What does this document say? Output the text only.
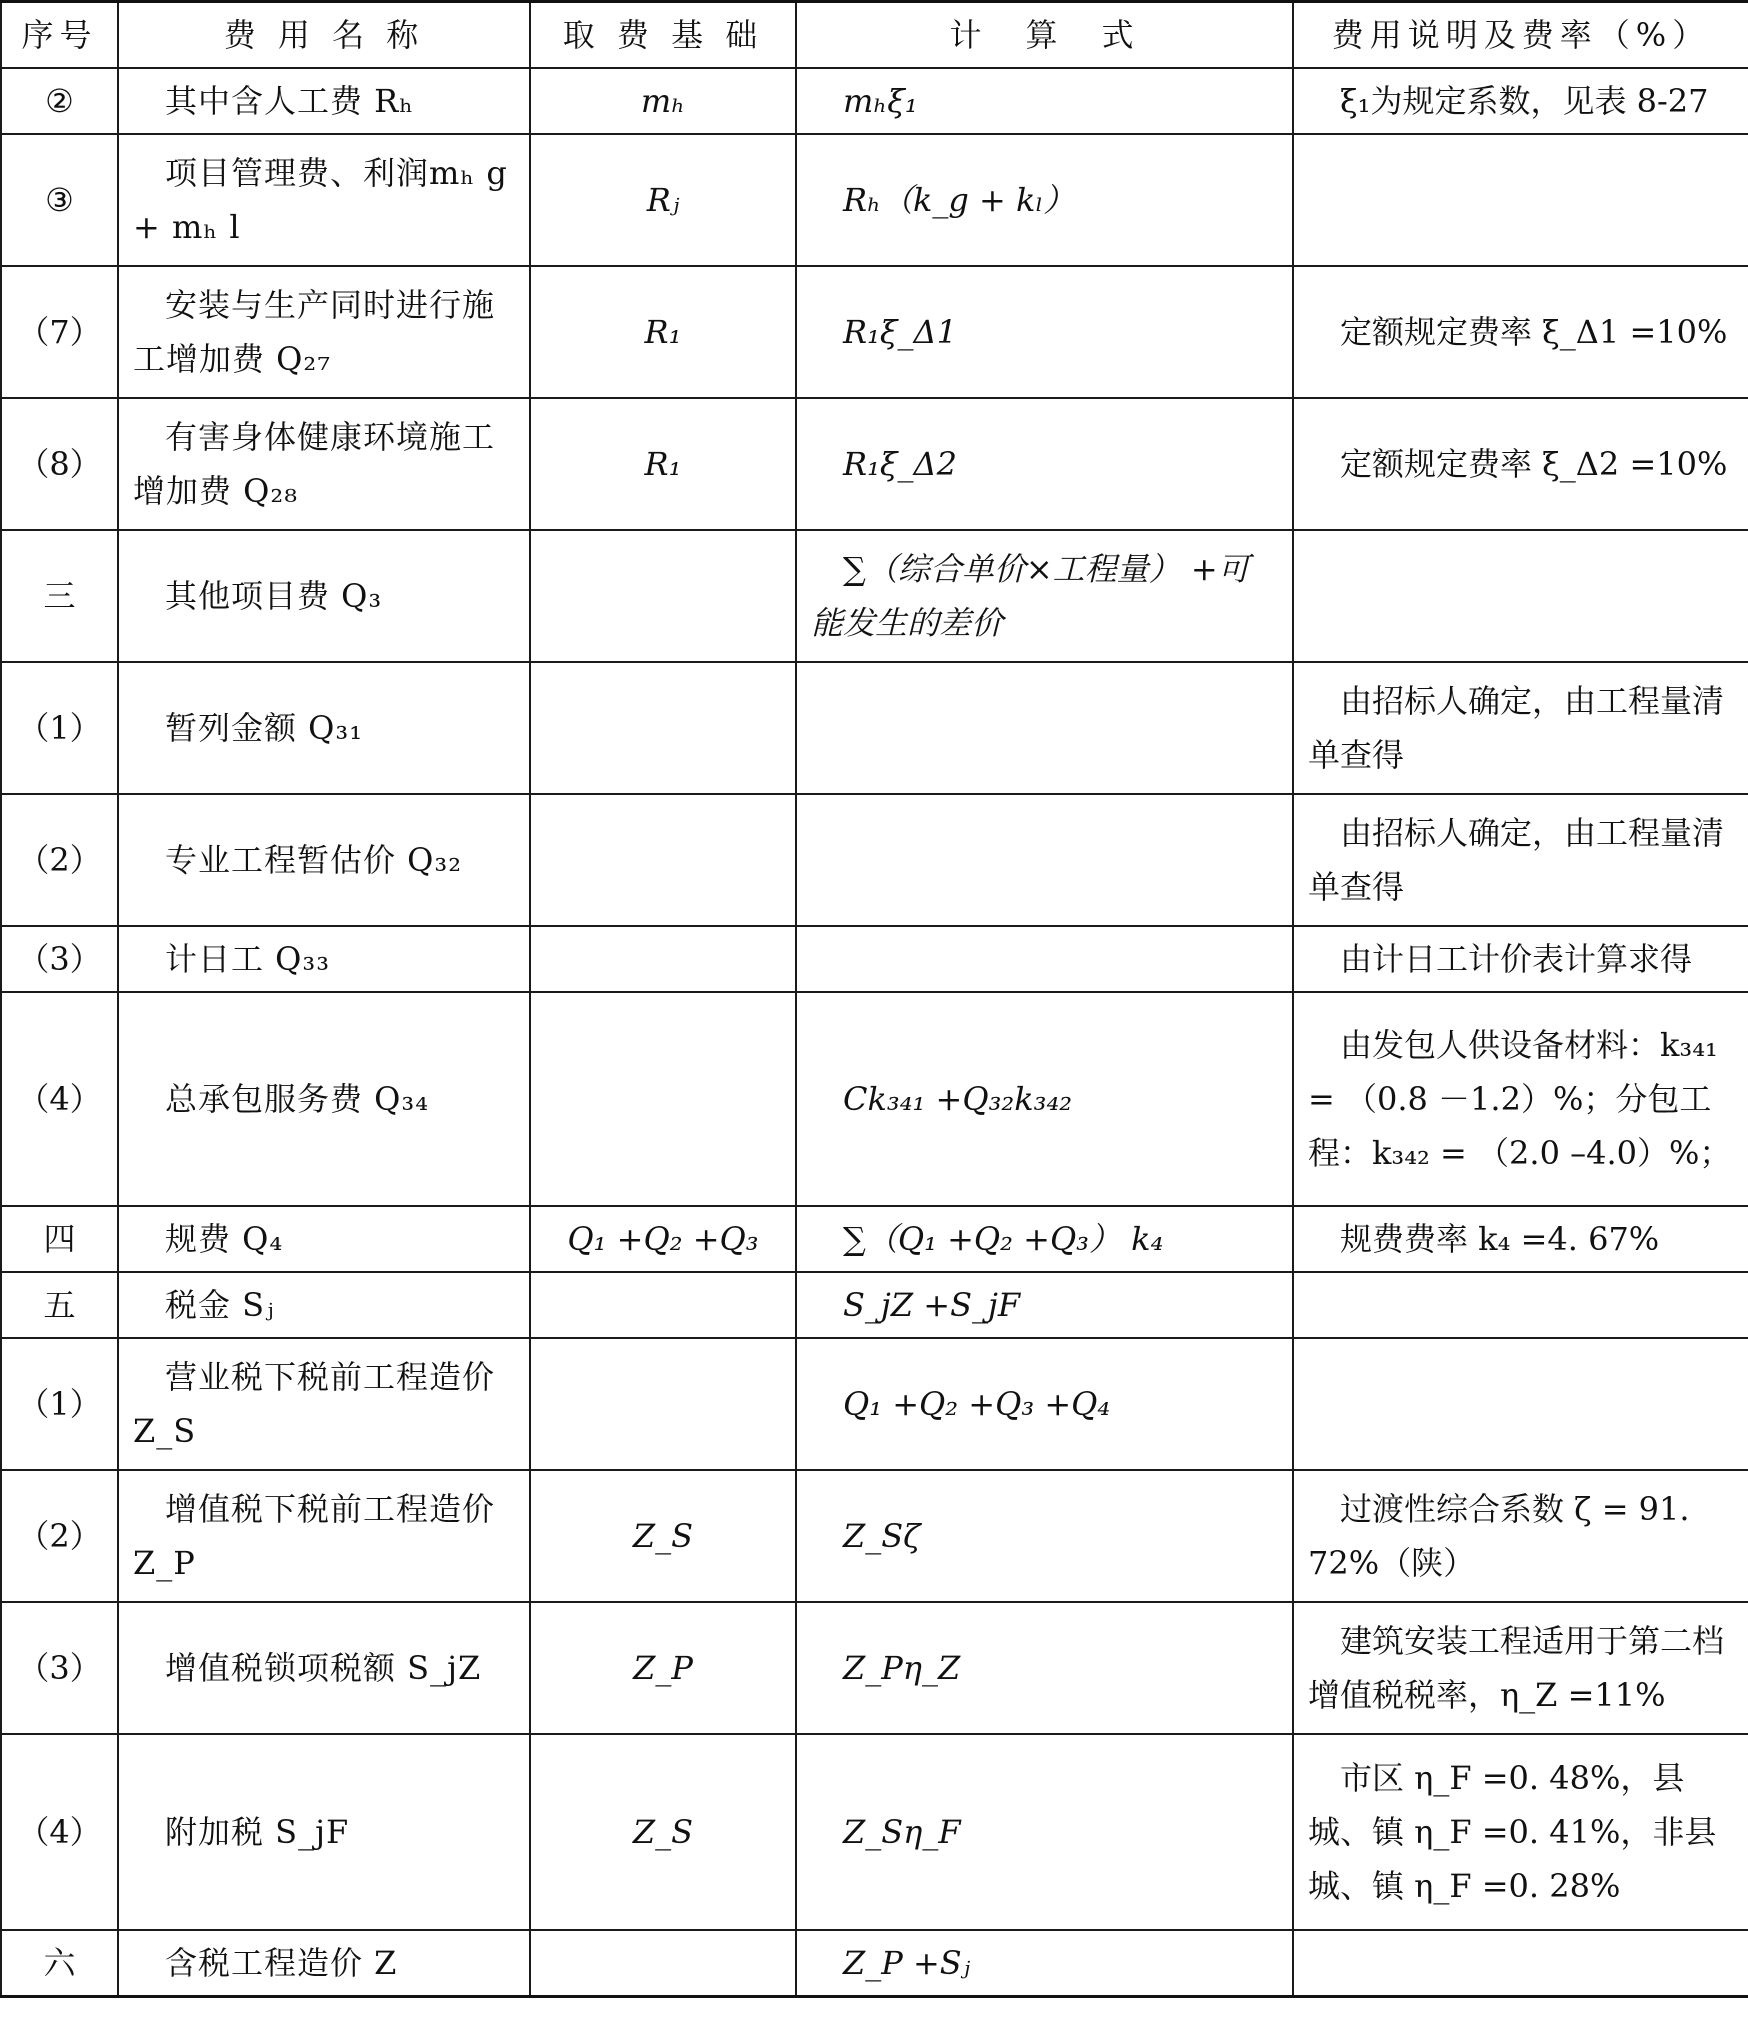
序号	费 用 名 称	取 费 基 础	计　算　式	费用说明及费率（%）
②	其中含人工费 Rₕ	mₕ	mₕξ₁	ξ₁为规定系数，见表 8-27
③	项目管理费、利润mₕ g + mₕ l	Rⱼ	Rₕ（k_g + kₗ）	
（7）	安装与生产同时进行施工增加费 Q₂₇	R₁	R₁ξ_Δ1	定额规定费率 ξ_Δ1 =10%
（8）	有害身体健康环境施工增加费 Q₂₈	R₁	R₁ξ_Δ2	定额规定费率 ξ_Δ2 =10%
三	其他项目费 Q₃		∑（综合单价×工程量） +可能发生的差价	
（1）	暂列金额 Q₃₁			由招标人确定，由工程量清单查得
（2）	专业工程暂估价 Q₃₂			由招标人确定，由工程量清单查得
（3）	计日工 Q₃₃			由计日工计价表计算求得
（4）	总承包服务费 Q₃₄		Ck₃₄₁ +Q₃₂k₃₄₂	由发包人供设备材料：k₃₄₁ = （0.8 －1.2）%；分包工程：k₃₄₂ = （2.0 –4.0）%；
四	规费 Q₄	Q₁ +Q₂ +Q₃	∑（Q₁ +Q₂ +Q₃） k₄	规费费率 k₄ =4. 67%
五	税金 Sⱼ		S_jZ +S_jF	
（1）	营业税下税前工程造价 Z_S		Q₁ +Q₂ +Q₃ +Q₄	
（2）	增值税下税前工程造价 Z_P	Z_S	Z_Sζ	过渡性综合系数 ζ = 91. 72%（陕）
（3）	增值税锁项税额 S_jZ	Z_P	Z_Pη_Z	建筑安装工程适用于第二档增值税税率，η_Z =11%
（4）	附加税 S_jF	Z_S	Z_Sη_F	市区 η_F =0. 48%，县城、镇 η_F =0. 41%，非县城、镇 η_F =0. 28%
六	含税工程造价 Z		Z_P +Sⱼ	
